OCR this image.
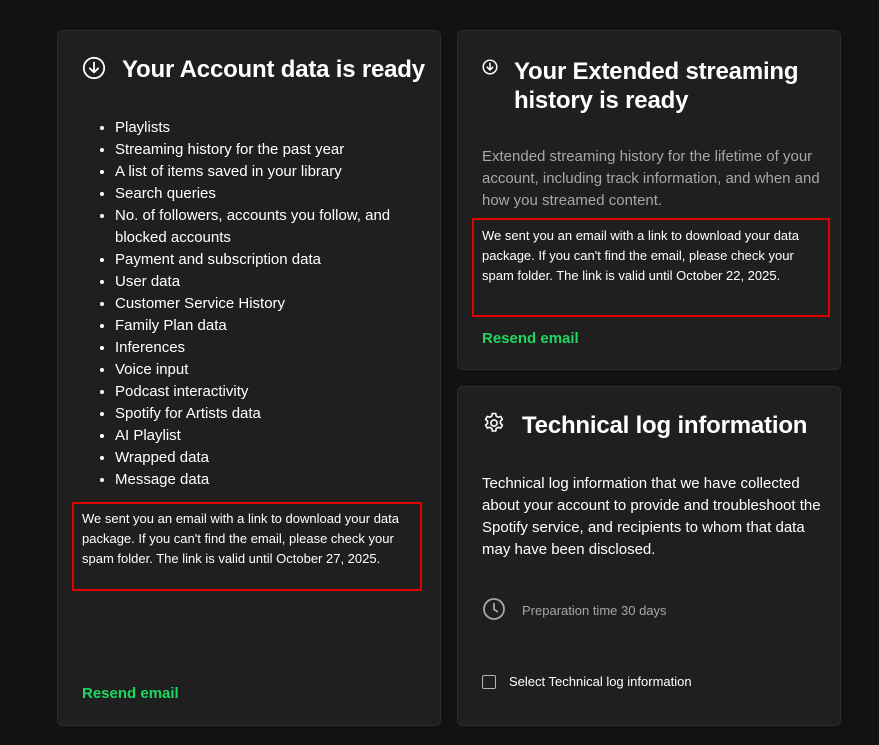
Your Account data is ready
• Playlists
• Streaming history for the past year
• A list of items saved in your library
• Search queries
• No. of followers, accounts you follow, and blocked accounts
• Payment and subscription data
• User data
• Customer Service History
• Family Plan data
• Inferences
• Voice input
• Podcast interactivity
• Spotify for Artists data
• AI Playlist
• Wrapped data
• Message data
We sent you an email with a link to download your data package. If you can't find the email, please check your spam folder. The link is valid until October 27, 2025.
Resend email
Your Extended streaming history is ready

Extended streaming history for the lifetime of your account, including track information, and when and how you streamed content.

We sent you an email with a link to download your data package. If you can't find the email, please check your spam folder. The link is valid until October 22, 2025.
Resend email
Technical log information

Technical log information that we have collected about your account to provide and troubleshoot the Spotify service, and recipients to whom that data may have been disclosed.

Preparation time 30 days
Select Technical log information
